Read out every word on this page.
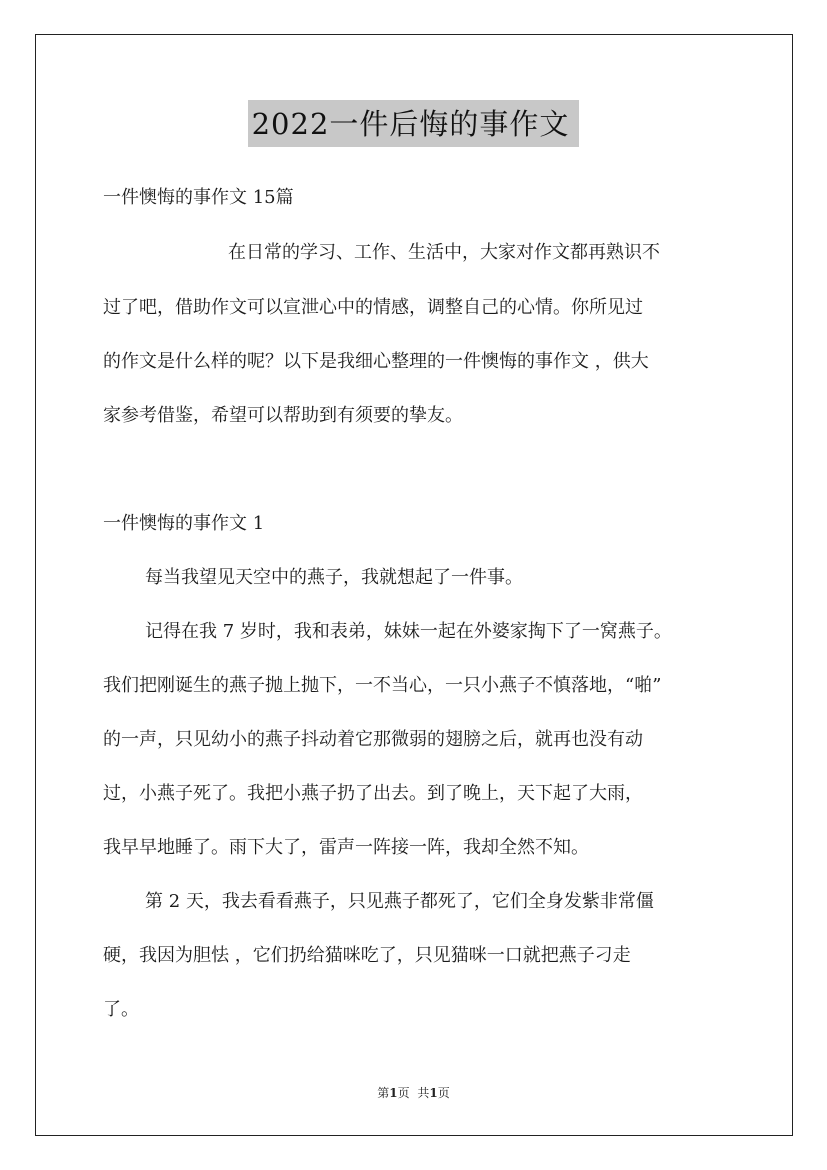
2022一件后悔的事作文
一件懊悔的事作文 15篇
在日常的学习、工作、生活中，大家对作文都再熟识不
过了吧，借助作文可以宣泄心中的情感，调整自己的心情。你所见过
的作文是什么样的呢？以下是我细心整理的一件懊悔的事作文 ，供大
家参考借鉴，希望可以帮助到有须要的挚友。
一件懊悔的事作文 1
每当我望见天空中的燕子，我就想起了一件事。
记得在我 7 岁时，我和表弟，妹妹一起在外婆家掏下了一窝燕子。
我们把刚诞生的燕子抛上抛下，一不当心，一只小燕子不慎落地，“啪”
的一声，只见幼小的燕子抖动着它那微弱的翅膀之后，就再也没有动
过，小燕子死了。我把小燕子扔了出去。到了晚上，天下起了大雨，
我早早地睡了。雨下大了，雷声一阵接一阵，我却全然不知。
第 2 天，我去看看燕子，只见燕子都死了，它们全身发紫非常僵
硬，我因为胆怯 ，它们扔给猫咪吃了，只见猫咪一口就把燕子刁走
了。
第1页 共1页
